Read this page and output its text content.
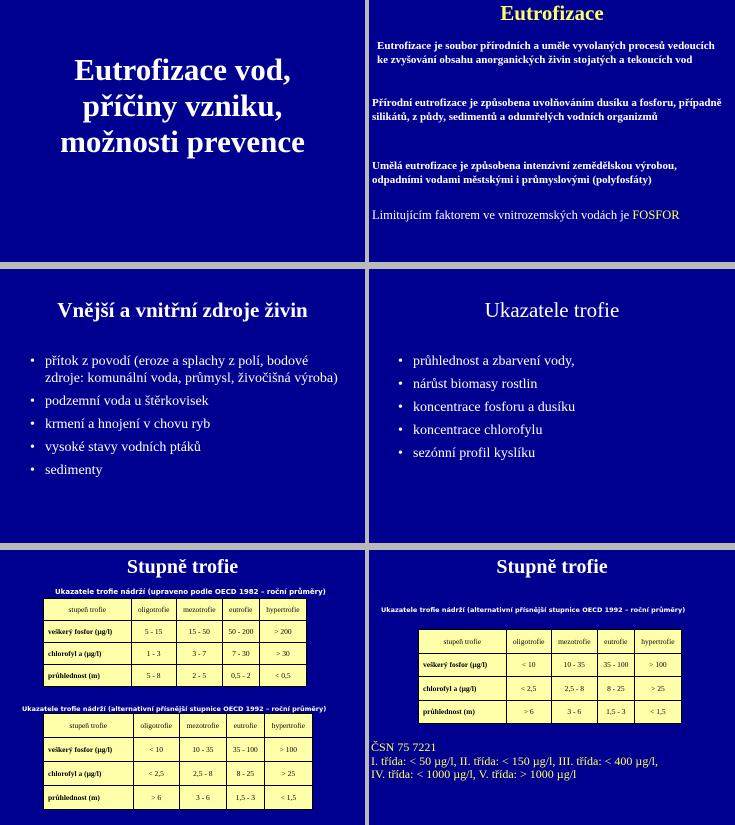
Eutrofizace vod,
příčiny vzniku,
možnosti prevence
Eutrofizace
Eutrofizace je soubor přírodních a uměle vyvolaných procesů vedoucích ke zvyšování obsahu anorganických živin stojatých a tekoucích vod
Přírodní eutrofizace je způsobena uvolňováním dusíku a fosforu, případně silikátů, z půdy, sedimentů a odumřelých vodních organizmů
Umělá eutrofizace je způsobena intenzivní zemědělskou výrobou, odpadními vodami městskými i průmyslovými (polyfosfáty)
Limitujícím faktorem ve vnitrozemských vodách je FOSFOR
Vnější a vnitřní zdroje živin
• přítok z povodí (eroze a splachy z polí, bodové zdroje: komunální voda, průmysl, živočišná výroba)
• podzemní voda u štěrkovisek
• krmení a hnojení v chovu ryb
• vysoké stavy vodních ptáků
• sedimenty
Ukazatele trofie
• průhlednost a zbarvení vody,
• nárůst biomasy rostlin
• koncentrace fosforu a dusíku
• koncentrace chlorofylu
• sezónní profil kyslíku
Stupně trofie
Ukazatele trofie nádrží (upraveno podle OECD 1982 – roční průměry)
stupeň trofie	oligotrofie	mezotrofie	eutrofie	hypertrofie
veškerý fosfor (µg/l)	5 - 15	15 - 50	50 - 200	> 200
chlorofyl a (µg/l)	1 - 3	3 - 7	7 - 30	> 30
průhlednost (m)	5 - 8	2 - 5	0,5 - 2	< 0,5
Ukazatele trofie nádrží (alternativní přísnější stupnice OECD 1992 – roční průměry)
stupeň trofie	oligotrofie	mezotrofie	eutrofie	hypertrofie
veškerý fosfor (µg/l)	< 10	10 - 35	35 - 100	> 100
chlorofyl a (µg/l)	< 2,5	2,5 - 8	8 - 25	> 25
průhlednost (m)	> 6	3 - 6	1,5 - 3	< 1,5
Stupně trofie
Ukazatele trofie nádrží (alternativní přísnější stupnice OECD 1992 – roční průměry)
stupeň trofie	oligotrofie	mezotrofie	eutrofie	hypertrofie
veškerý fosfor (µg/l)	< 10	10 - 35	35 - 100	> 100
chlorofyl a (µg/l)	< 2,5	2,5 - 8	8 - 25	> 25
průhlednost (m)	> 6	3 - 6	1,5 - 3	< 1,5
ČSN 75 7221
I. třída: < 50 µg/l, II. třída: < 150 µg/l, III. třída: < 400 µg/l,
IV. třída: < 1000 µg/l, V. třída: > 1000 µg/l
